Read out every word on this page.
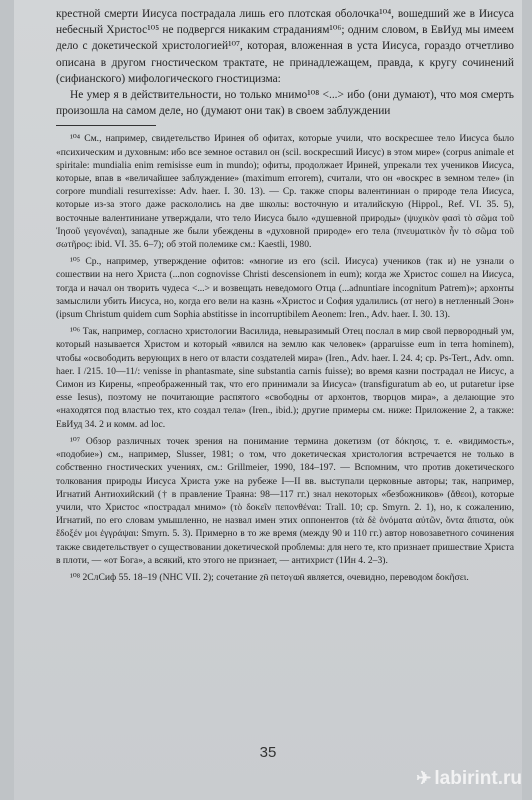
крестной смерти Иисуса пострадала лишь его плотская оболочка¹⁰⁴, вошедший же в Иисуса небесный Христос¹⁰⁵ не подвергся никаким страданиям¹⁰⁶; одним словом, в ЕвИуд мы имеем дело с докетической христологией¹⁰⁷, которая, вложенная в уста Иисуса, гораздо отчетливо описана в другом гностическом трактате, не принадлежащем, правда, к кругу сочинений (сифианского) мифологического гностицизма:

Не умер я в действительности, но только мнимо¹⁰⁸ <...> ибо (они думают), что моя смерть произошла на самом деле, но (думают они так) в своем заблуждении

¹⁰⁴ См., например, свидетельство Иринея об офитах, которые учили, что воскресшее тело Иисуса было «психическим и духовным: ибо все земное оставил он (scil. воскресший Иисус) в этом мире» (corpus animale et spiritale: mundialia enim remisisse eum in mundo); офиты, продолжает Ириней, упрекали тех учеников Иисуса, которые, впав в «величайшее заблуждение» (maximum errorem), считали, что он «воскрес в земном теле» (in corpore mundiali resurrexisse: Adv. haer. I. 30. 13). — Ср. также споры валентиниан о природе тела Иисуса, которые из-за этого даже раскололись на две школы: восточную и италийскую (Hippol., Ref. VI. 35. 5), восточные валентиниане утверждали, что тело Иисуса было «душевной природы» (ψυχικὸν φασὶ τὸ σῶμα τοῦ Ἰησοῦ γεγονέναι), западные же были убеждены в «духовной природе» его тела (πνευματικὸν ἦν τὸ σῶμα τοῦ σωτῆρος: ibid. VI. 35. 6–7); об этой полемике см.: Kaestli, 1980.

¹⁰⁵ Ср., например, утверждение офитов: «многие из его (scil. Иисуса) учеников (так и) не узнали о сошествии на него Христа (...non cognovisse Christi descensionem in eum); когда же Христос сошел на Иисуса, тогда и начал он творить чудеса <...> и возвещать неведомого Отца (...adnuntiare incognitum Patrem)»; архонты замыслили убить Иисуса, но, когда его вели на казнь «Христос и София удалились (от него) в нетленный Эон» (ipsum Christum quidem cum Sophia abstitisse in incorruptibilem Aeonem: Iren., Adv. haer. I. 30. 13).

¹⁰⁶ Так, например, согласно христологии Василида, невыразимый Отец послал в мир свой первородный ум, который называется Христом и который «явился на землю как человек» (apparuisse eum in terra hominem), чтобы «освободить верующих в него от власти создателей мира» (Iren., Adv. haer. I. 24. 4; ср. Ps-Tert., Adv. omn. haer. I /215. 10—11/: venisse in phantasmate, sine substantia carnis fuisse); во время казни пострадал не Иисус, а Симон из Кирены, «преображенный так, что его принимали за Иисуса» (transfiguratum ab eo, ut putaretur ipse esse Iesus), поэтому не почитающие распятого «свободны от архонтов, творцов мира», а делающие это «находятся под властью тех, кто создал тела» (Iren., ibid.); другие примеры см. ниже: Приложение 2, а также: ЕвИуд 34. 2 и комм. ad loc.

¹⁰⁷ Обзор различных точек зрения на понимание термина докетизм (от δόκησις, т. е. «видимость», «подобие») см., например, Slusser, 1981; о том, что докетическая христология встречается не только в собственно гностических учениях, см.: Grillmeier, 1990, 184–197. — Вспомним, что против докетического толкования природы Иисуса Христа уже на рубеже I—II вв. выступали церковные авторы; так, например, Игнатий Антиохийский († в правление Траяна: 98—117 гг.) знал некоторых «безбожников» (ἄθεοι), которые учили, что Христос «пострадал мнимо» (τὸ δοκεῖν πεπονθέναι: Trall. 10; ср. Smyrn. 2. 1), но, к сожалению, Игнатий, по его словам умышленно, не назвал имен этих оппонентов (τὰ δὲ ὀνόματα αὐτῶν, ὄντα ἄπιστα, οὐκ ἔδοξέν μοι ἐγγράψαι: Smyrn. 5. 3). Примерно в то же время (между 90 и 110 гг.) автор новозаветного сочинения также свидетельствует о существовании докетической проблемы: для него те, кто признает пришествие Христа в плоти, — «от Бога», а всякий, кто этого не признает, — антихрист (1Ин 4. 2–3).

¹⁰⁸ 2СлСиф 55. 18–19 (NHC VII. 2); сочетание ⲍⲛ̄ ⲡⲉⲧⲟⲩⲱⲛ̄ является, очевидно, переводом δοκῆσει.

35
✈ labirint.ru
